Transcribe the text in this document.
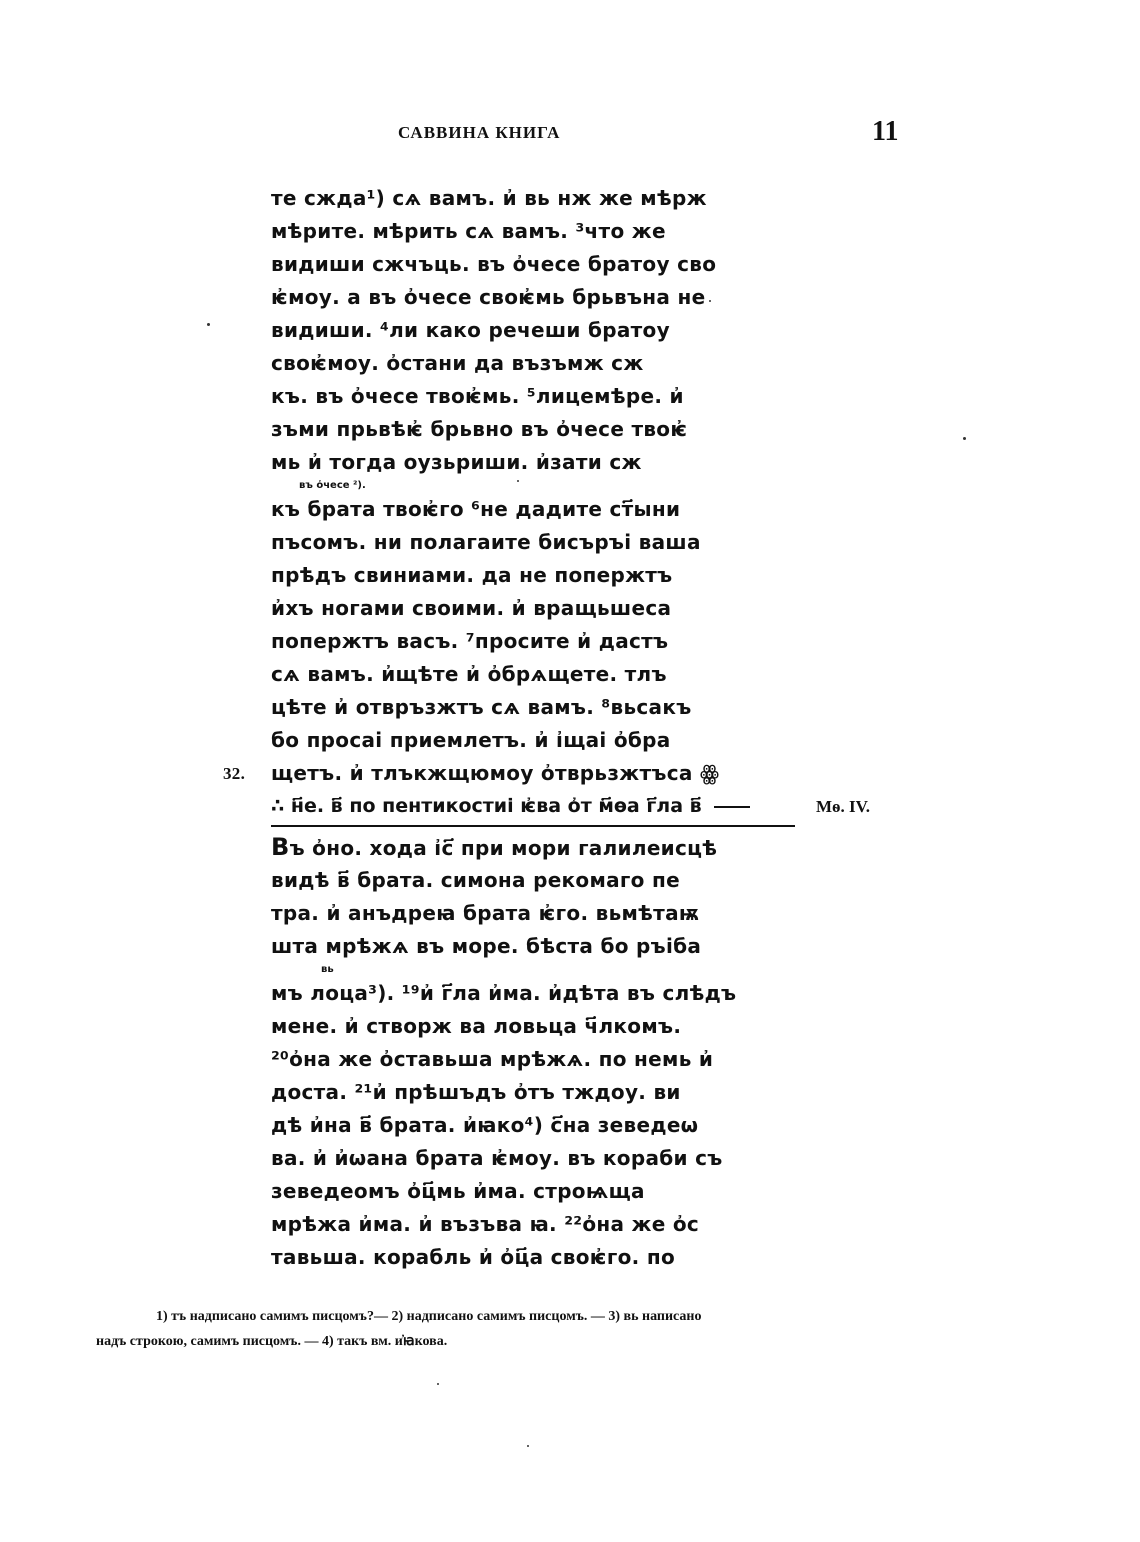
САВВИНА КНИГА	11
те сжда¹) сѧ вамъ. и҆ вь нж же мѣрж
мѣрите. мѣрить сѧ вамъ. ³что же
видиши сжчъць. въ о҆чесе братоу сво
ѥ҆моу. а въ о҆чесе своѥ҆мь брьвъна не
видиши. ⁴ли како речеши братоу
своѥ҆моу. о҆стани да възъмж сж
къ. въ о҆чесе твоѥ҆мь. ⁵лицемѣре. и҆
зъми прьвѣѥ҆ брьвно въ о҆чесе твоѥ҆
мь и҆ тогда оузьриши. и҆зати сж
въ о҆чесе ²).
къ брата твоѥ҆го ⁶не дадите ст҃ыни
пъсомъ. ни полагаите бисъръі ваша
прѣдъ свиниами. да не попержтъ
и҆хъ ногами своими. и҆ вращьшеса
попержтъ васъ. ⁷просите и҆ дастъ
сѧ вамъ. и҆щѣте и҆ о҆брѧщете. тлъ
цѣте и҆ отвръзжтъ сѧ вамъ. ⁸вьсакъ
бо просаі приемлетъ. и҆ і҆щаі о҆бра
32. щетъ. и҆ тлъкжщюмоу о҆тврьзжтъса ꙮ
∴ н҃е. в҃ по пентикостиі ѥ҆ва о҆т м҃ѳа г҃ла в҃	Mѳ. IV.
Въ о҆но. хода і҆с҃ при мори галилеисцѣ
видѣ в҃ брата. симона рекомаго пе
тра. и҆ анъдреꙗ брата ѥ҆го. вьмѣтаѭ
шта мрѣжѧ въ море. бѣста бо ръіба
вь
мъ лоцa³). ¹⁹и҆ г҃ла и҆ма. и҆дѣта въ слѣдъ
мене. и҆ створж ва ловьца ч҃лкомъ.
²⁰о҆на же о҆ставьша мрѣжѧ. по немь и҆
доста. ²¹и҆ прѣшъдъ о҆тъ тждоу. ви
дѣ и҆на в҃ брата. и҆ꙗко⁴) с҃на зеведеѡ
ва. и҆ и҆ѡана брата ѥ҆моу. въ кораби съ
зеведеомъ о҆ц҃мь и҆ма. строѩща
мрѣжа и҆ма. и҆ възъва ꙗ. ²²о҆на же о҆с
тавьша. корабль и҆ о҆ц҃а своѥ҆го. по
1) тъ надписано самимъ писцомъ?— 2) надписано самимъ писцомъ. — 3) вь написано
надъ строкою, самимъ писцомъ. — 4) такъ вм. и҆ꙗкова.
